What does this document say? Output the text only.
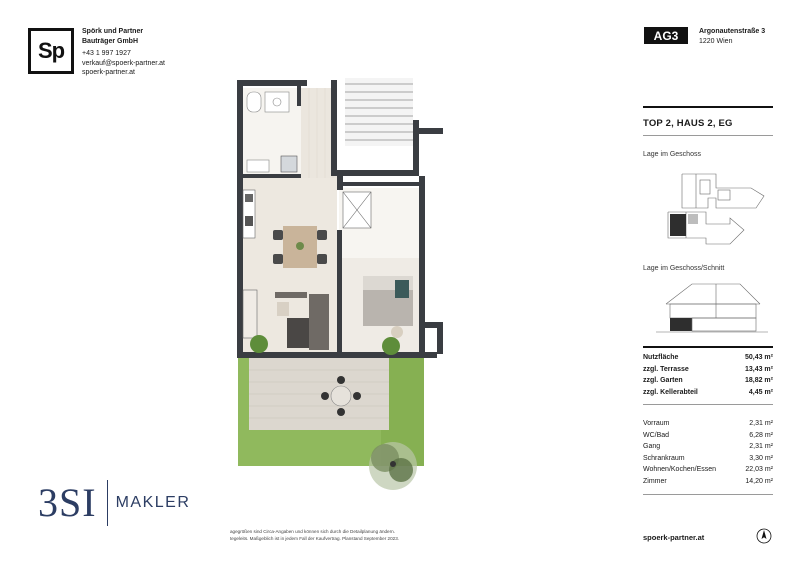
Sp
Spörk und Partner
Bauträger GmbH
+43 1 997 1927
verkauf@spoerk-partner.at
spoerk-partner.at
AG3	Argonautenstraße 3
1220 Wien
TOP 2, HAUS 2, EG
Lage im Geschoss
Lage im Geschoss/Schnitt
Nutzfläche	50,43 m²
zzgl. Terrasse	13,43 m²
zzgl. Garten	18,82 m²
zzgl. Kellerabteil	4,45 m²
Vorraum	2,31 m²
WC/Bad	6,28 m²
Gang	2,31 m²
Schrankraum	3,30 m²
Wohnen/Kochen/Essen	22,03 m²
Zimmer	14,20 m²
spoerk-partner.at
3SI MAKLER
agegrößen sind Circa-Angaben und können sich durch die Detailplanung ändern.
tegeleits. Maßgeblich ist in jedem Fall der Kaufvertrag. Planstand September 2023.
